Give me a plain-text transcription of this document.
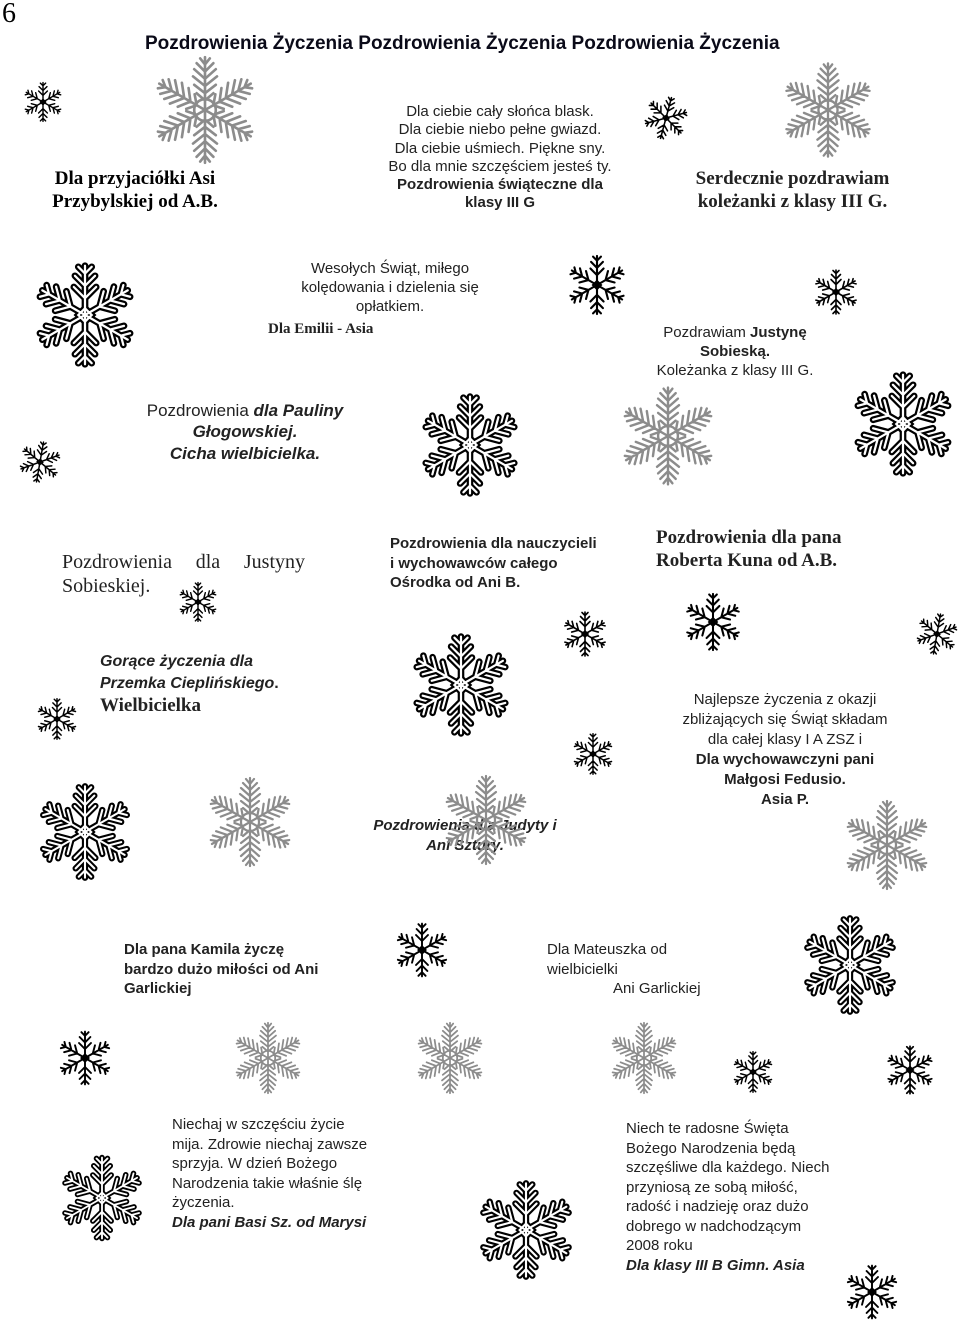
6
Pozdrowienia Życzenia Pozdrowienia Życzenia Pozdrowienia Życzenia
Dla przyjaciółki Asi
Przybylskiej od A.B.
Dla ciebie cały słońca blask.
Dla ciebie niebo pełne gwiazd.
Dla ciebie uśmiech. Piękne sny.
Bo dla mnie szczęściem jesteś ty.
Pozdrowienia świąteczne dla
klasy III G
Serdecznie pozdrawiam
koleżanki z klasy III G.
Wesołych Świąt, miłego
kolędowania i dzielenia się
opłatkiem.
Dla Emilii - Asia	Pozdrawiam Justynę
Sobieską.
Koleżanka z klasy III G.
Pozdrowienia dla Pauliny
Głogowskiej.
Cicha wielbicielka.
Pozdrowienia dla Justyny
Sobieskiej.
Pozdrowienia dla nauczycieli
i wychowawców całego
Ośrodka od Ani B.
Pozdrowienia dla pana
Roberta Kuna od A.B.
Gorące życzenia dla
Przemka Cieplińskiego.
Wielbicielka	Najlepsze życzenia z okazji
zbliżających się Świąt składam
dla całej klasy I A ZSZ i
Dla wychowawczyni pani
Małgosi Fedusio.
Asia P.
Pozdrowienia dla Judyty i
Ani Sztury.
Dla pana Kamila życzę
bardzo dużo miłości od Ani
Garlickiej
Dla Mateuszka od
wielbicielki
Ani Garlickiej
Niechaj w szczęściu życie
mija. Zdrowie niechaj zawsze
sprzyja. W dzień Bożego
Narodzenia takie właśnie ślę
życzenia.
Dla pani Basi Sz. od Marysi
Niech te radosne Święta
Bożego Narodzenia będą
szczęśliwe dla każdego. Niech
przyniosą ze sobą miłość,
radość i nadzieję oraz dużo
dobrego w nadchodzącym
2008 roku
Dla klasy III B Gimn. Asia
